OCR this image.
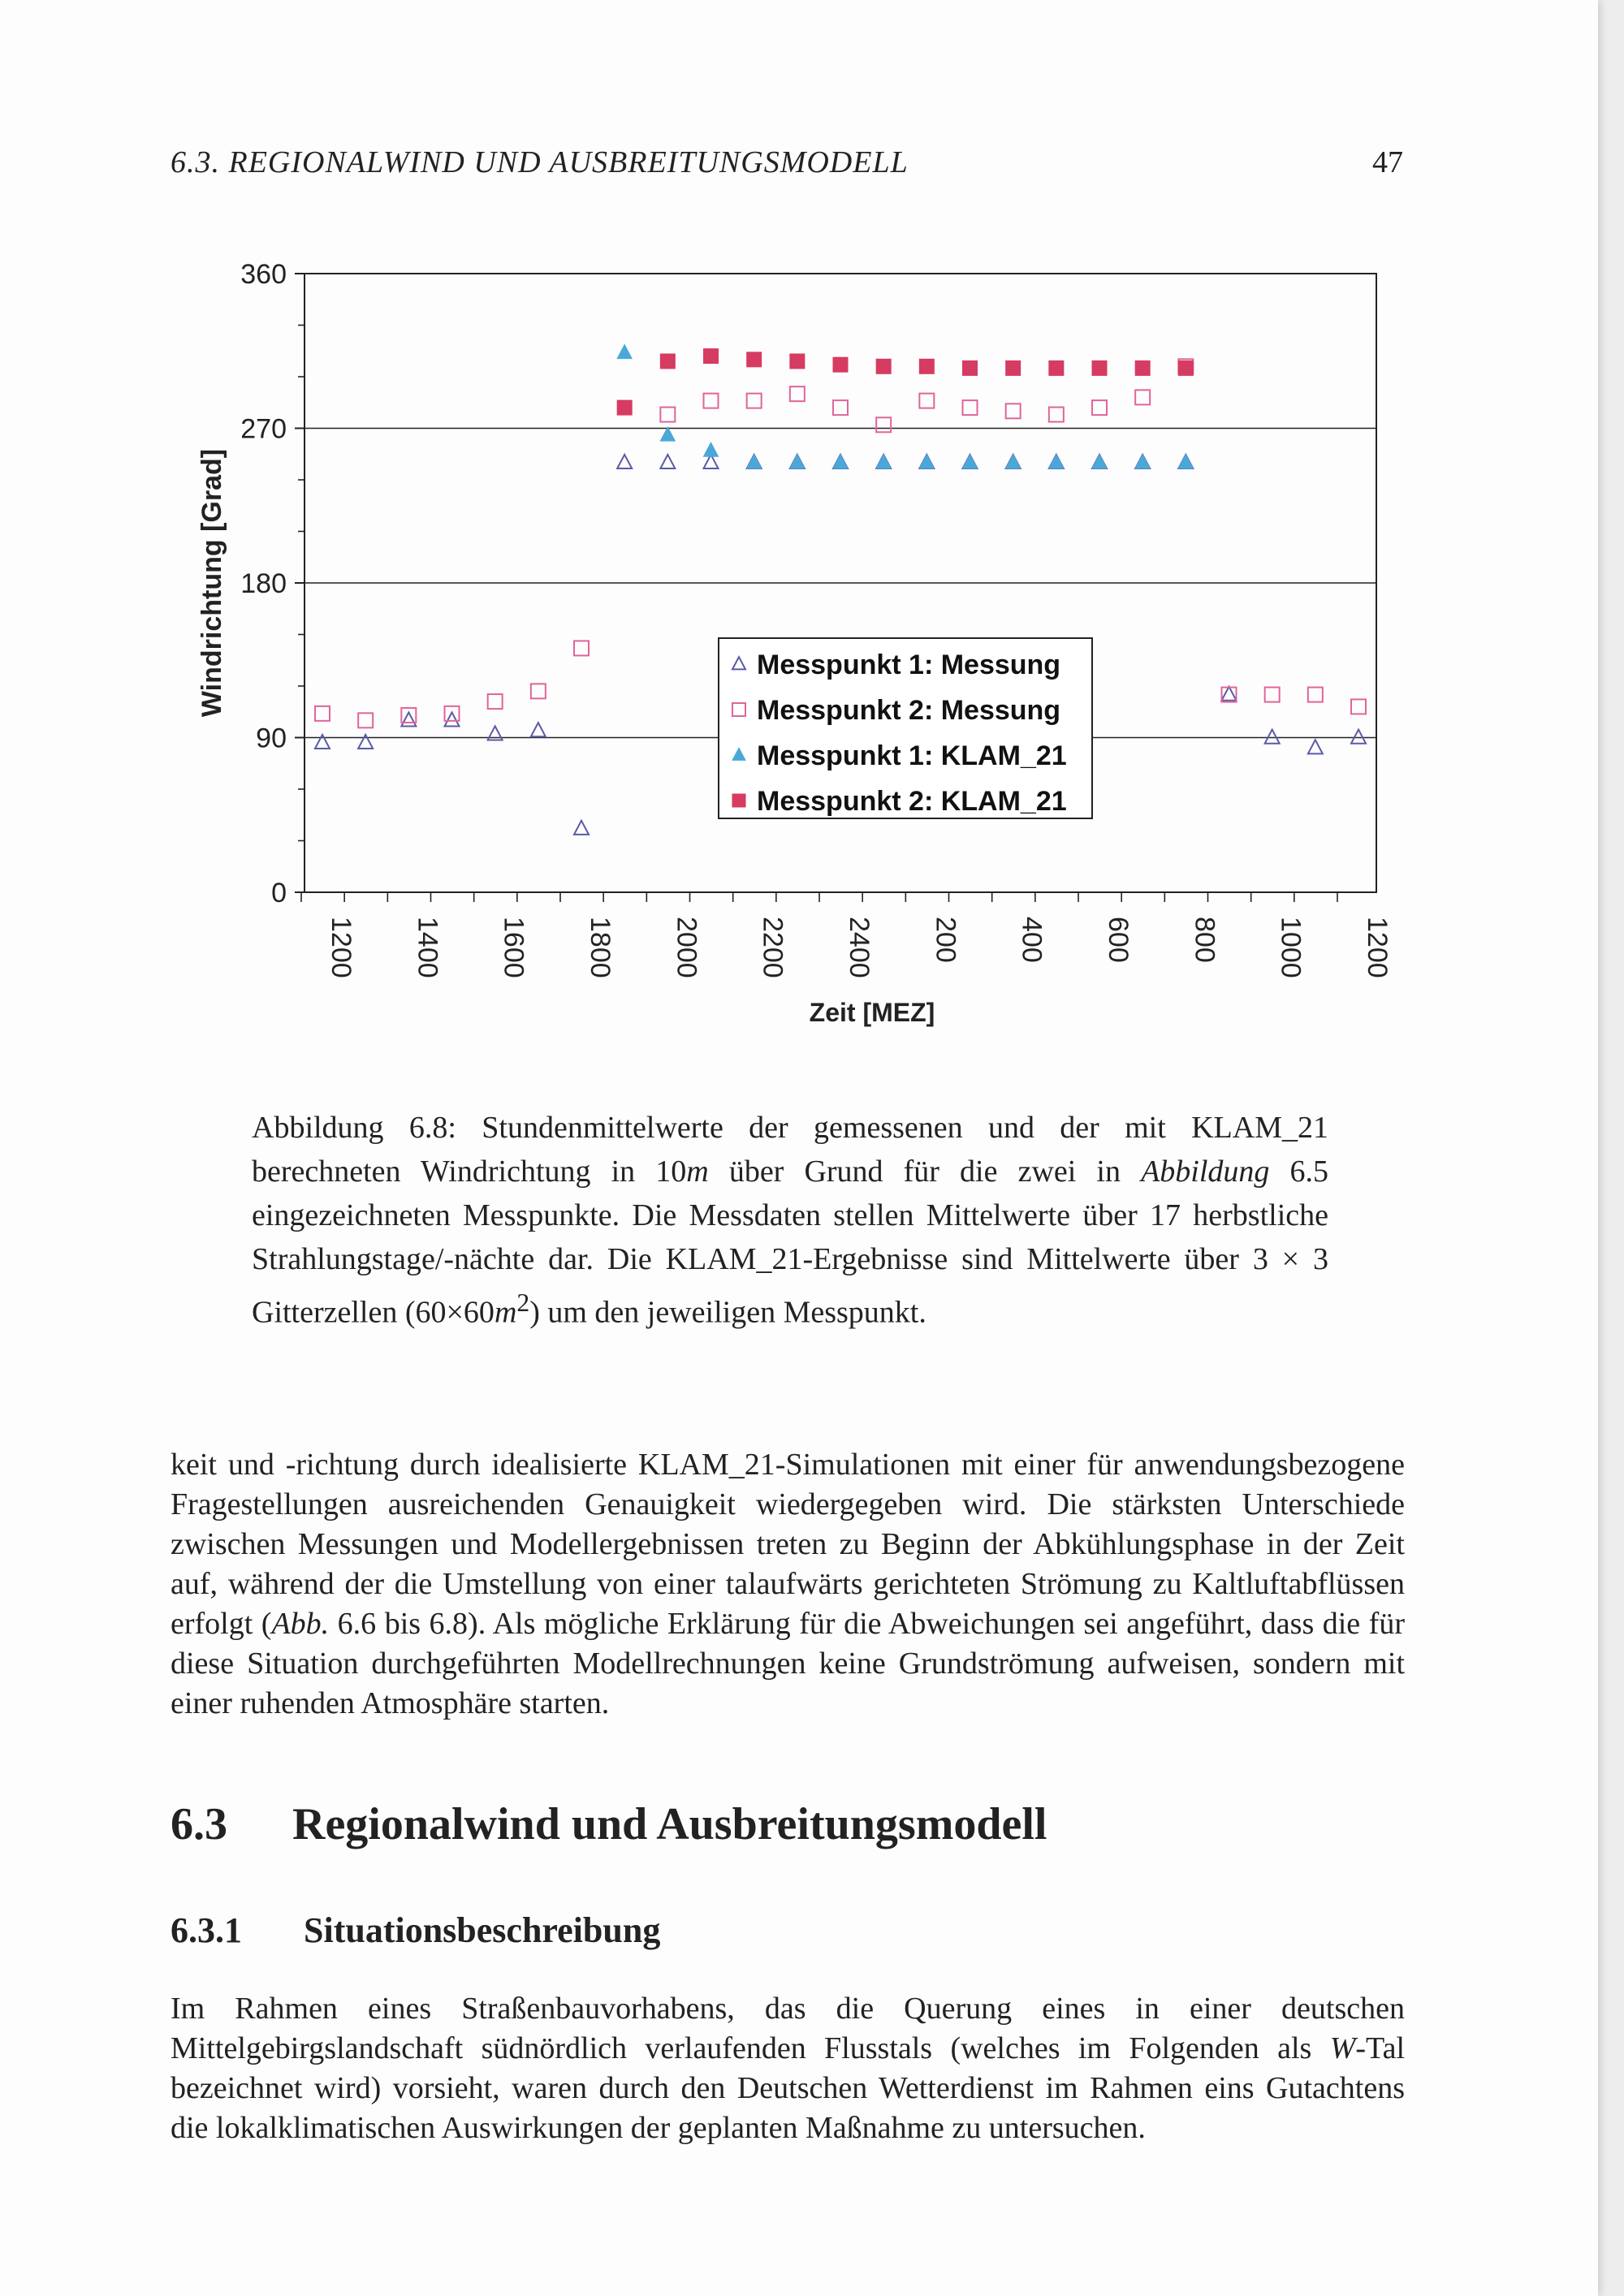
6.3. REGIONALWIND UND AUSBREITUNGSMODELL	47
0
90
180
270
360
1200 1400 1600 1800 2000 2200 2400 200 400 600 800 1000 1200
Windrichtung [Grad]
Zeit [MEZ]
Messpunkt 1: Messung
Messpunkt 2: Messung
Messpunkt 1: KLAM_21
Messpunkt 2: KLAM_21
Abbildung 6.8: Stundenmittelwerte der gemessenen und der mit KLAM_21 berechneten Windrichtung in 10m über Grund für die zwei in Abbildung 6.5 eingezeichneten Messpunkte. Die Messdaten stellen Mittelwerte über 17 herbstliche Strahlungstage/-nächte dar. Die KLAM_21-Ergebnisse sind Mittelwerte über 3 × 3 Gitterzellen $(60\times 60m^2)$ um den jeweiligen Messpunkt.
keit und -richtung durch idealisierte KLAM_21-Simulationen mit einer für anwendungsbezogene Fragestellungen ausreichenden Genauigkeit wiedergegeben wird. Die stärksten Unterschiede zwischen Messungen und Modellergebnissen treten zu Beginn der Abkühlungsphase in der Zeit auf, während der die Umstellung von einer talaufwärts gerichteten Strömung zu Kaltluftabflüssen erfolgt (Abb. 6.6 bis 6.8). Als mögliche Erklärung für die Abweichungen sei angeführt, dass die für diese Situation durchgeführten Modellrechnungen keine Grundströmung aufweisen, sondern mit einer ruhenden Atmosphäre starten.
6.3 Regionalwind und Ausbreitungsmodell
6.3.1 Situationsbeschreibung
Im Rahmen eines Straßenbauvorhabens, das die Querung eines in einer deutschen Mittelgebirgslandschaft südnördlich verlaufenden Flusstals (welches im Folgenden als W-Tal bezeichnet wird) vorsieht, waren durch den Deutschen Wetterdienst im Rahmen eins Gutachtens die lokalklimatischen Auswirkungen der geplanten Maßnahme zu untersuchen.
